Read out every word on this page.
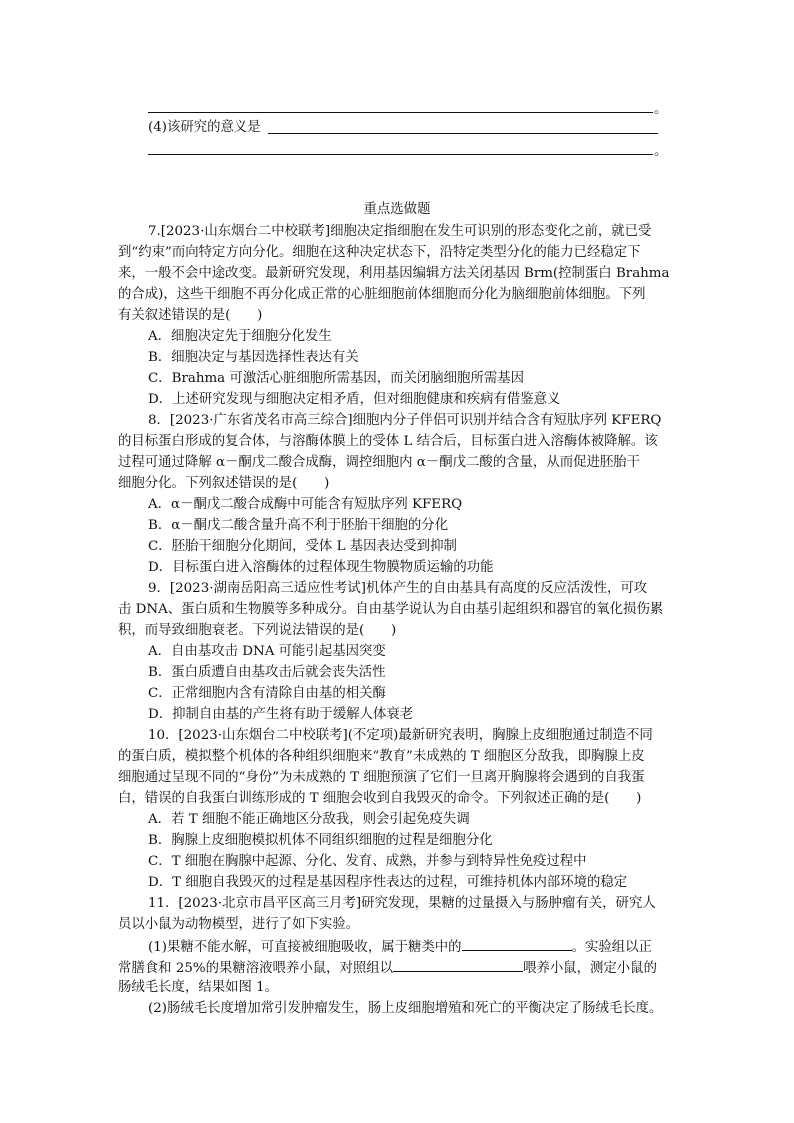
。
(4)该研究的意义是
。
重点选做题
7.[2023·山东烟台二中校联考]细胞决定指细胞在发生可识别的形态变化之前，就已受
到“约束”而向特定方向分化。细胞在这种决定状态下，沿特定类型分化的能力已经稳定下
来，一般不会中途改变。最新研究发现，利用基因编辑方法关闭基因 Brm(控制蛋白 Brahma
的合成)，这些干细胞不再分化成正常的心脏细胞前体细胞而分化为脑细胞前体细胞。下列
有关叙述错误的是(　　)
A．细胞决定先于细胞分化发生
B．细胞决定与基因选择性表达有关
C．Brahma 可激活心脏细胞所需基因，而关闭脑细胞所需基因
D．上述研究发现与细胞决定相矛盾，但对细胞健康和疾病有借鉴意义
8．[2023·广东省茂名市高三综合]细胞内分子伴侣可识别并结合含有短肽序列 KFERQ
的目标蛋白形成的复合体，与溶酶体膜上的受体 L 结合后，目标蛋白进入溶酶体被降解。该
过程可通过降解 α－酮戊二酸合成酶，调控细胞内 α－酮戊二酸的含量，从而促进胚胎干
细胞分化。下列叙述错误的是(　　)
A．α－酮戊二酸合成酶中可能含有短肽序列 KFERQ
B．α－酮戊二酸含量升高不利于胚胎干细胞的分化
C．胚胎干细胞分化期间，受体 L 基因表达受到抑制
D．目标蛋白进入溶酶体的过程体现生物膜物质运输的功能
9．[2023·湖南岳阳高三适应性考试]机体产生的自由基具有高度的反应活泼性，可攻
击 DNA、蛋白质和生物膜等多种成分。自由基学说认为自由基引起组织和器官的氧化损伤累
积，而导致细胞衰老。下列说法错误的是(　　)
A．自由基攻击 DNA 可能引起基因突变
B．蛋白质遭自由基攻击后就会丧失活性
C．正常细胞内含有清除自由基的相关酶
D．抑制自由基的产生将有助于缓解人体衰老
10．[2023·山东烟台二中校联考](不定项)最新研究表明，胸腺上皮细胞通过制造不同
的蛋白质，模拟整个机体的各种组织细胞来“教育”未成熟的 T 细胞区分敌我，即胸腺上皮
细胞通过呈现不同的“身份”为未成熟的 T 细胞预演了它们一旦离开胸腺将会遇到的自我蛋
白，错误的自我蛋白训练形成的 T 细胞会收到自我毁灭的命令。下列叙述正确的是(　　)
A．若 T 细胞不能正确地区分敌我，则会引起免疫失调
B．胸腺上皮细胞模拟机体不同组织细胞的过程是细胞分化
C．T 细胞在胸腺中起源、分化、发育、成熟，并参与到特异性免疫过程中
D．T 细胞自我毁灭的过程是基因程序性表达的过程，可维持机体内部环境的稳定
11．[2023·北京市昌平区高三月考]研究发现，果糖的过量摄入与肠肿瘤有关，研究人
员以小鼠为动物模型，进行了如下实验。
(1)果糖不能水解，可直接被细胞吸收，属于糖类中的	。实验组以正
常膳食和 25%的果糖溶液喂养小鼠，对照组以	喂养小鼠，测定小鼠的
肠绒毛长度，结果如图 1。
(2)肠绒毛长度增加常引发肿瘤发生，肠上皮细胞增殖和死亡的平衡决定了肠绒毛长度。
